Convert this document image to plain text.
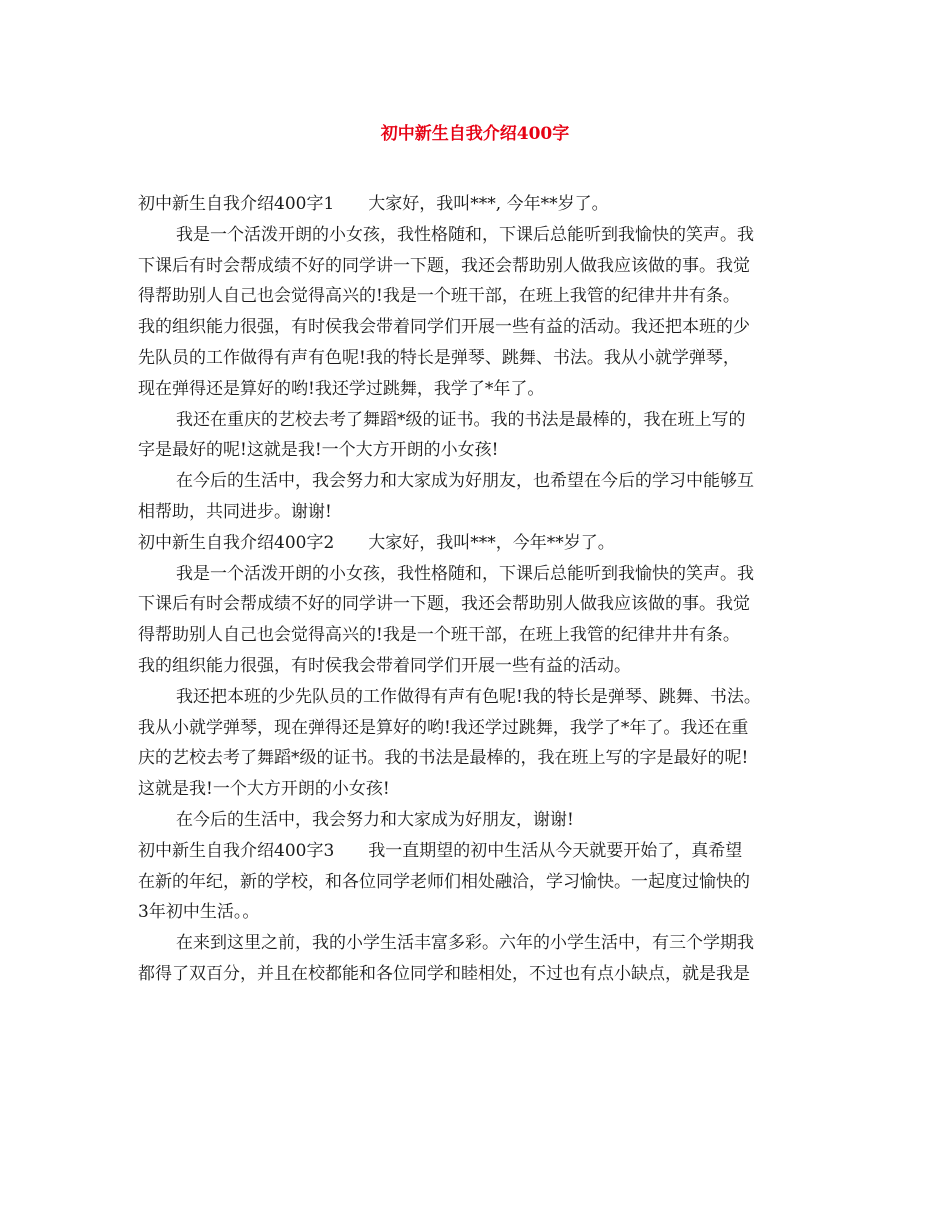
初中新生自我介绍400字
初中新生自我介绍400字1　　大家好，我叫***, 今年**岁了。
我是一个活泼开朗的小女孩，我性格随和，下课后总能听到我愉快的笑声。我
下课后有时会帮成绩不好的同学讲一下题，我还会帮助别人做我应该做的事。我觉
得帮助别人自己也会觉得高兴的!我是一个班干部，在班上我管的纪律井井有条。
我的组织能力很强，有时侯我会带着同学们开展一些有益的活动。我还把本班的少
先队员的工作做得有声有色呢!我的特长是弹琴、跳舞、书法。我从小就学弹琴，
现在弹得还是算好的哟!我还学过跳舞，我学了*年了。
我还在重庆的艺校去考了舞蹈*级的证书。我的书法是最棒的，我在班上写的
字是最好的呢!这就是我!一个大方开朗的小女孩!
在今后的生活中，我会努力和大家成为好朋友，也希望在今后的学习中能够互
相帮助，共同进步。谢谢!
初中新生自我介绍400字2　　大家好，我叫***，今年**岁了。
我是一个活泼开朗的小女孩，我性格随和，下课后总能听到我愉快的笑声。我
下课后有时会帮成绩不好的同学讲一下题，我还会帮助别人做我应该做的事。我觉
得帮助别人自己也会觉得高兴的!我是一个班干部，在班上我管的纪律井井有条。
我的组织能力很强，有时侯我会带着同学们开展一些有益的活动。
我还把本班的少先队员的工作做得有声有色呢!我的特长是弹琴、跳舞、书法。
我从小就学弹琴，现在弹得还是算好的哟!我还学过跳舞，我学了*年了。我还在重
庆的艺校去考了舞蹈*级的证书。我的书法是最棒的，我在班上写的字是最好的呢!
这就是我!一个大方开朗的小女孩!
在今后的生活中，我会努力和大家成为好朋友，谢谢!
初中新生自我介绍400字3　　我一直期望的初中生活从今天就要开始了，真希望
在新的年纪，新的学校，和各位同学老师们相处融洽，学习愉快。一起度过愉快的
3年初中生活。。
在来到这里之前，我的小学生活丰富多彩。六年的小学生活中，有三个学期我
都得了双百分，并且在校都能和各位同学和睦相处，不过也有点小缺点，就是我是
